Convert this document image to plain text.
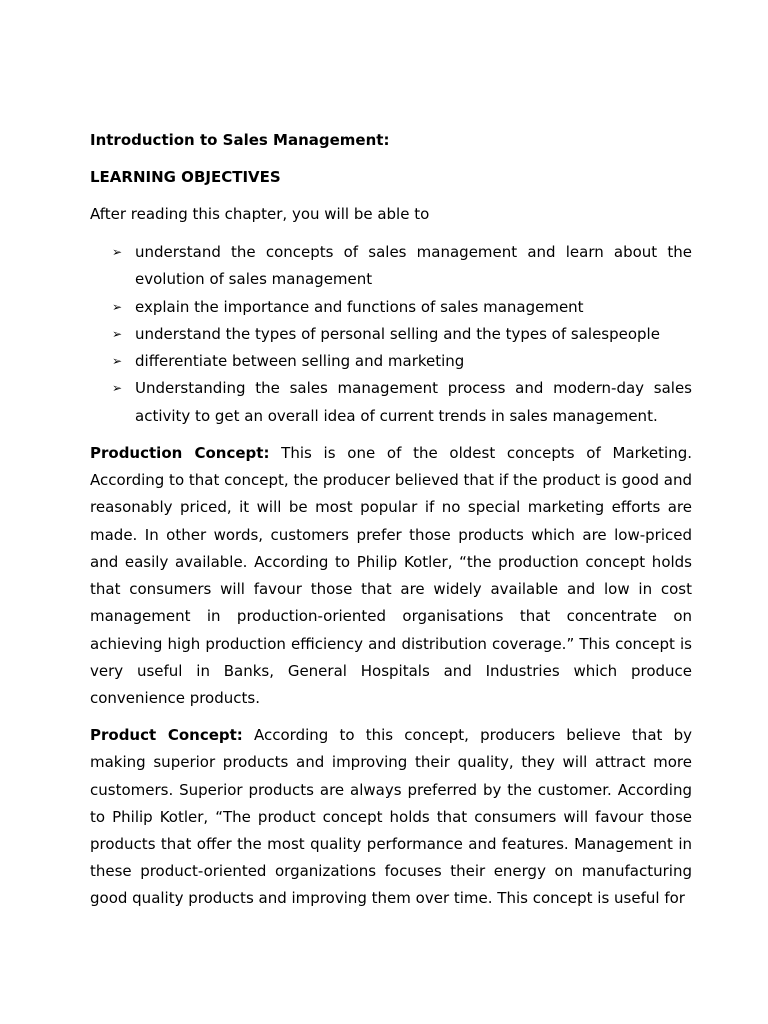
Introduction to Sales Management:
LEARNING OBJECTIVES
After reading this chapter, you will be able to
➢ understand the concepts of sales management and learn about the evolution of sales management
➢ explain the importance and functions of sales management
➢ understand the types of personal selling and the types of salespeople
➢ differentiate between selling and marketing
➢ Understanding the sales management process and modern-day sales activity to get an overall idea of current trends in sales management.

Production Concept: This is one of the oldest concepts of Marketing. According to that concept, the producer believed that if the product is good and reasonably priced, it will be most popular if no special marketing efforts are made. In other words, customers prefer those products which are low-priced and easily available. According to Philip Kotler, “the production concept holds that consumers will favour those that are widely available and low in cost management in production-oriented organisations that concentrate on achieving high production efficiency and distribution coverage.” This concept is very useful in Banks, General Hospitals and Industries which produce convenience products.

Product Concept: According to this concept, producers believe that by making superior products and improving their quality, they will attract more customers. Superior products are always preferred by the customer. According to Philip Kotler, “The product concept holds that consumers will favour those products that offer the most quality performance and features. Management in these product-oriented organizations focuses their energy on manufacturing good quality products and improving them over time. This concept is useful for
